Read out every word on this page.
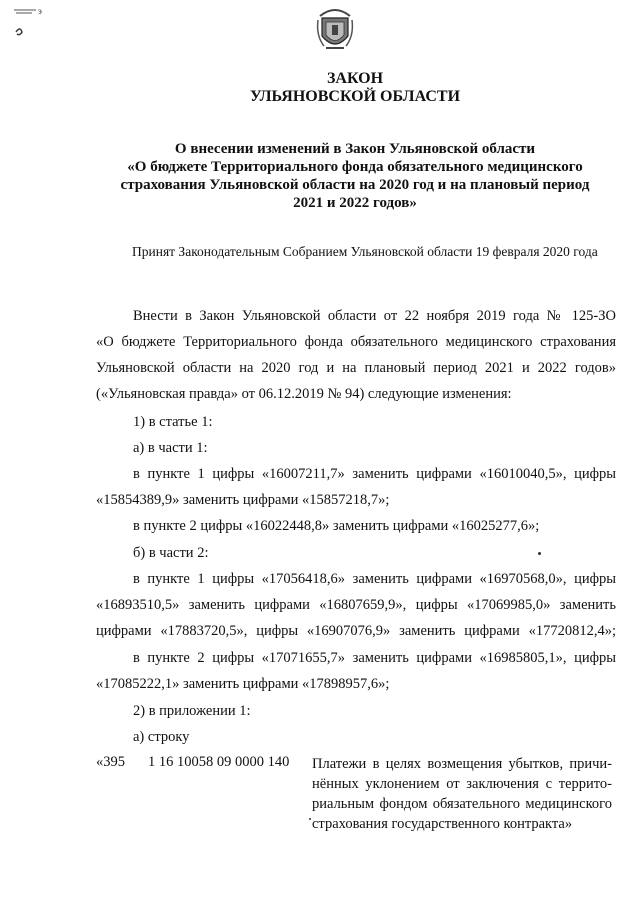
э
ЗАКОН
УЛЬЯНОВСКОЙ ОБЛАСТИ
О внесении изменений в Закон Ульяновской области
«О бюджете Территориального фонда обязательного медицинского
страхования Ульяновской области на 2020 год и на плановый период
2021 и 2022 годов»
Принят Законодательным Собранием Ульяновской области 19 февраля 2020 года
Внести в Закон Ульяновской области от 22 ноября 2019 года № 125-ЗО
«О бюджете Территориального фонда обязательного медицинского страхования
Ульяновской области на 2020 год и на плановый период 2021 и 2022 годов»
(«Ульяновская правда» от 06.12.2019 № 94) следующие изменения:
1) в статье 1:
а) в части 1:
в пункте 1 цифры «16007211,7» заменить цифрами «16010040,5», цифры
«15854389,9» заменить цифрами «15857218,7»;
в пункте 2 цифры «16022448,8» заменить цифрами «16025277,6»;
б) в части 2:
в пункте 1 цифры «17056418,6» заменить цифрами «16970568,0», цифры
«16893510,5» заменить цифрами «16807659,9», цифры «17069985,0» заменить
цифрами «17883720,5», цифры «16907076,9» заменить цифрами «17720812,4»;
в пункте 2 цифры «17071655,7» заменить цифрами «16985805,1», цифры
«17085222,1» заменить цифрами «17898957,6»;
2) в приложении 1:
а) строку
«395 1 16 10058 09 0000 140 Платежи в целях возмещения убытков, причи-
нённых уклонением от заключения с террито-
риальным фондом обязательного медицинского
страхования государственного контракта»
